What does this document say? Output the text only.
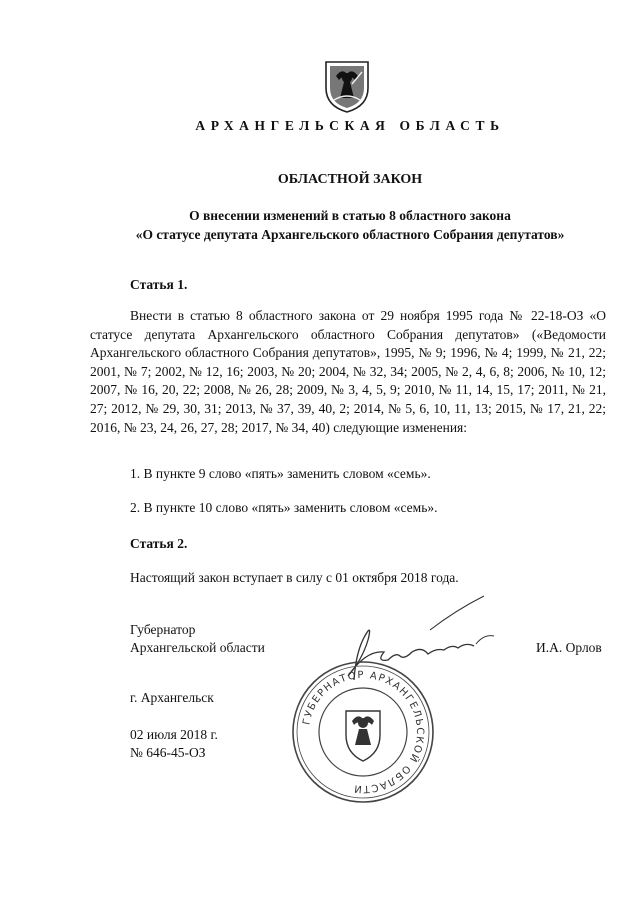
АРХАНГЕЛЬСКАЯ ОБЛАСТЬ
ОБЛАСТНОЙ ЗАКОН
О внесении изменений в статью 8 областного закона
«О статусе депутата Архангельского областного Собрания депутатов»
Статья 1.
Внести в статью 8 областного закона от 29 ноября 1995 года № 22-18-ОЗ «О статусе депутата Архангельского областного Собрания депутатов» («Ведомости Архангельского областного Собрания депутатов», 1995, № 9; 1996, № 4; 1999, № 21, 22; 2001, № 7; 2002, № 12, 16; 2003, № 20; 2004, № 32, 34; 2005, № 2, 4, 6, 8; 2006, № 10, 12; 2007, № 16, 20, 22; 2008, № 26, 28; 2009, № 3, 4, 5, 9; 2010, № 11, 14, 15, 17; 2011, № 21, 27; 2012, № 29, 30, 31; 2013, № 37, 39, 40, 2; 2014, № 5, 6, 10, 11, 13; 2015, № 17, 21, 22; 2016, № 23, 24, 26, 27, 28; 2017, № 34, 40) следующие изменения:
1. В пункте 9 слово «пять» заменить словом «семь».
2. В пункте 10 слово «пять» заменить словом «семь».
Статья 2.
Настоящий закон вступает в силу с 01 октября 2018 года.
Губернатор
Архангельской области	И.А. Орлов
г. Архангельск
02 июля 2018 г.
№ 646-45-ОЗ
ГУБЕРНАТОР АРХАНГЕЛЬСКОЙ ОБЛАСТИ
